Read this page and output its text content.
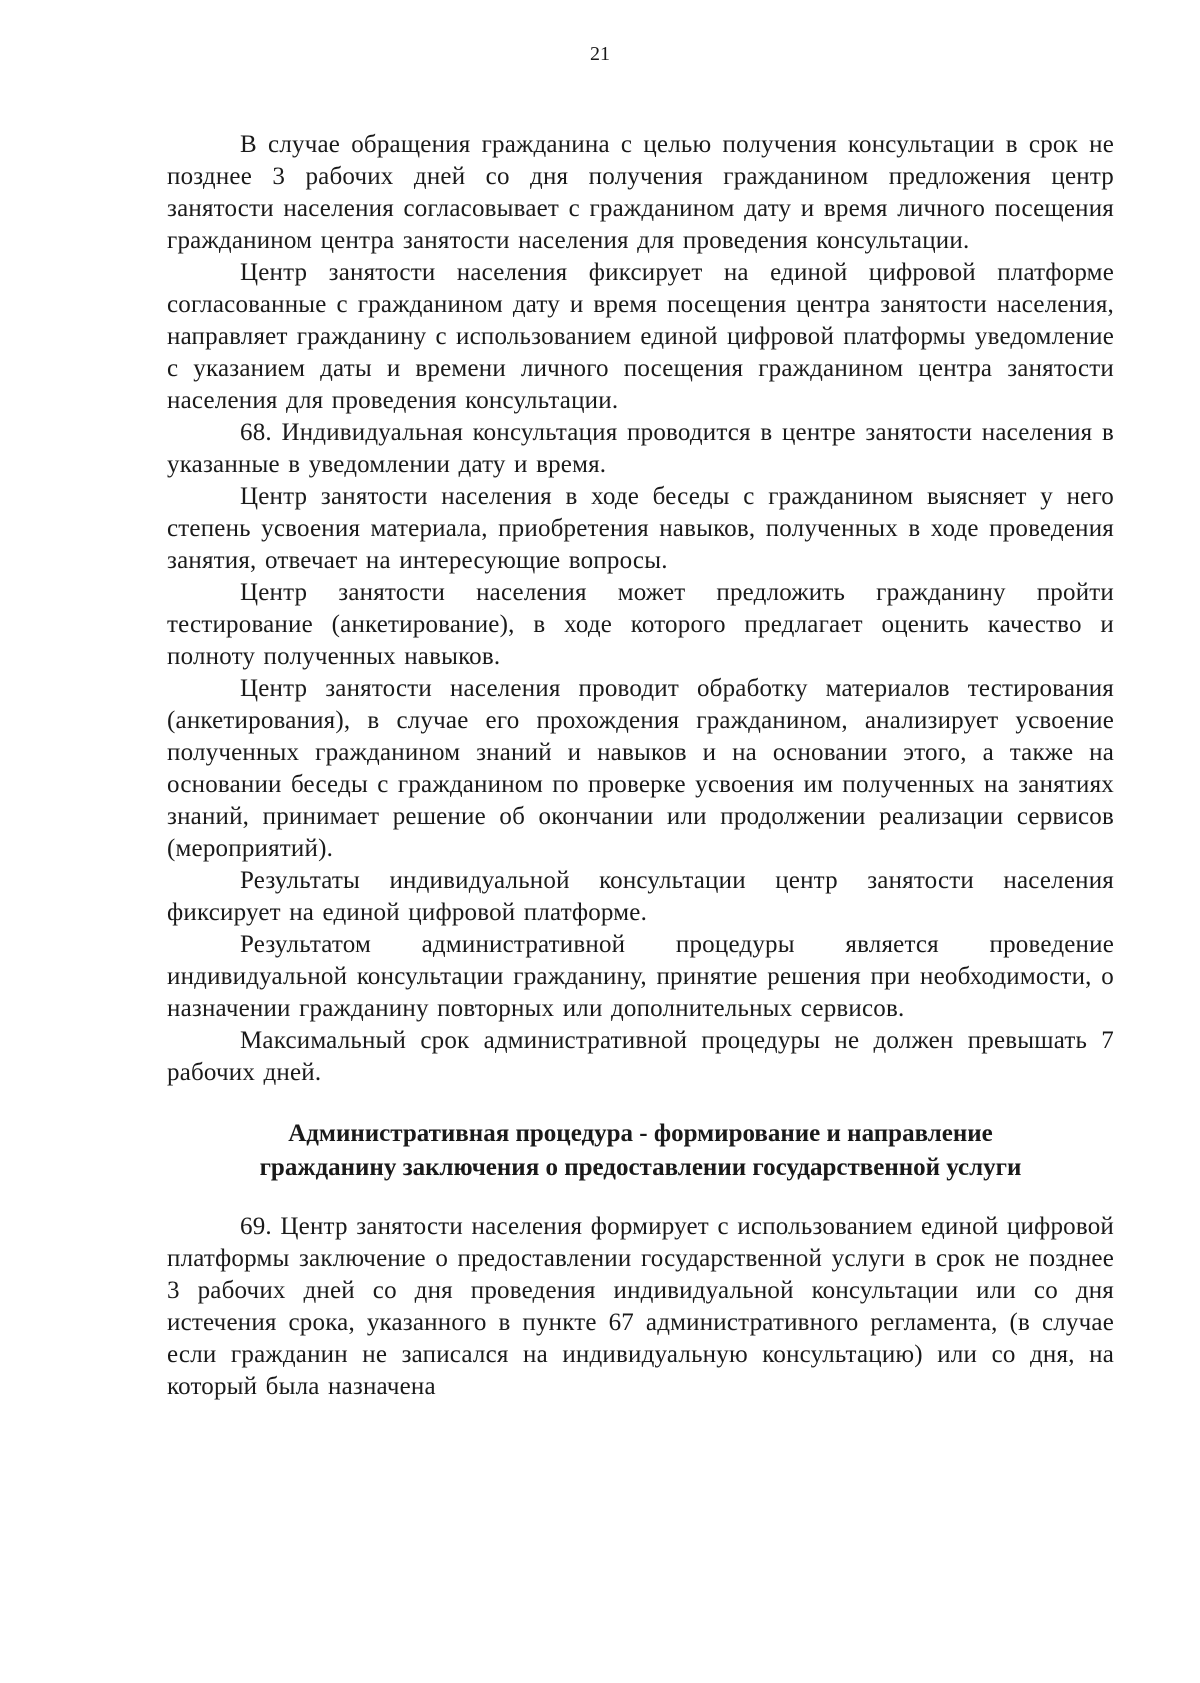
21

В случае обращения гражданина с целью получения консультации в срок не позднее 3 рабочих дней со дня получения гражданином предложения центр занятости населения согласовывает с гражданином дату и время личного посещения гражданином центра занятости населения для проведения консультации.

Центр занятости населения фиксирует на единой цифровой платформе согласованные с гражданином дату и время посещения центра занятости населения, направляет гражданину с использованием единой цифровой платформы уведомление с указанием даты и времени личного посещения гражданином центра занятости населения для проведения консультации.

68. Индивидуальная консультация проводится в центре занятости населения в указанные в уведомлении дату и время.

Центр занятости населения в ходе беседы с гражданином выясняет у него степень усвоения материала, приобретения навыков, полученных в ходе проведения занятия, отвечает на интересующие вопросы.

Центр занятости населения может предложить гражданину пройти тестирование (анкетирование), в ходе которого предлагает оценить качество и полноту полученных навыков.

Центр занятости населения проводит обработку материалов тестирования (анкетирования), в случае его прохождения гражданином, анализирует усвоение полученных гражданином знаний и навыков и на основании этого, а также на основании беседы с гражданином по проверке усвоения им полученных на занятиях знаний, принимает решение об окончании или продолжении реализации сервисов (мероприятий).

Результаты индивидуальной консультации центр занятости населения фиксирует на единой цифровой платформе.

Результатом административной процедуры является проведение индивидуальной консультации гражданину, принятие решения при необходимости, о назначении гражданину повторных или дополнительных сервисов.

Максимальный срок административной процедуры не должен превышать 7 рабочих дней.

Административная процедура - формирование и направление

гражданину заключения о предоставлении государственной услуги

69. Центр занятости населения формирует с использованием единой цифровой платформы заключение о предоставлении государственной услуги в срок не позднее 3 рабочих дней со дня проведения индивидуальной консультации или со дня истечения срока, указанного в пункте 67 административного регламента, (в случае если гражданин не записался на индивидуальную консультацию) или со дня, на который была назначена
